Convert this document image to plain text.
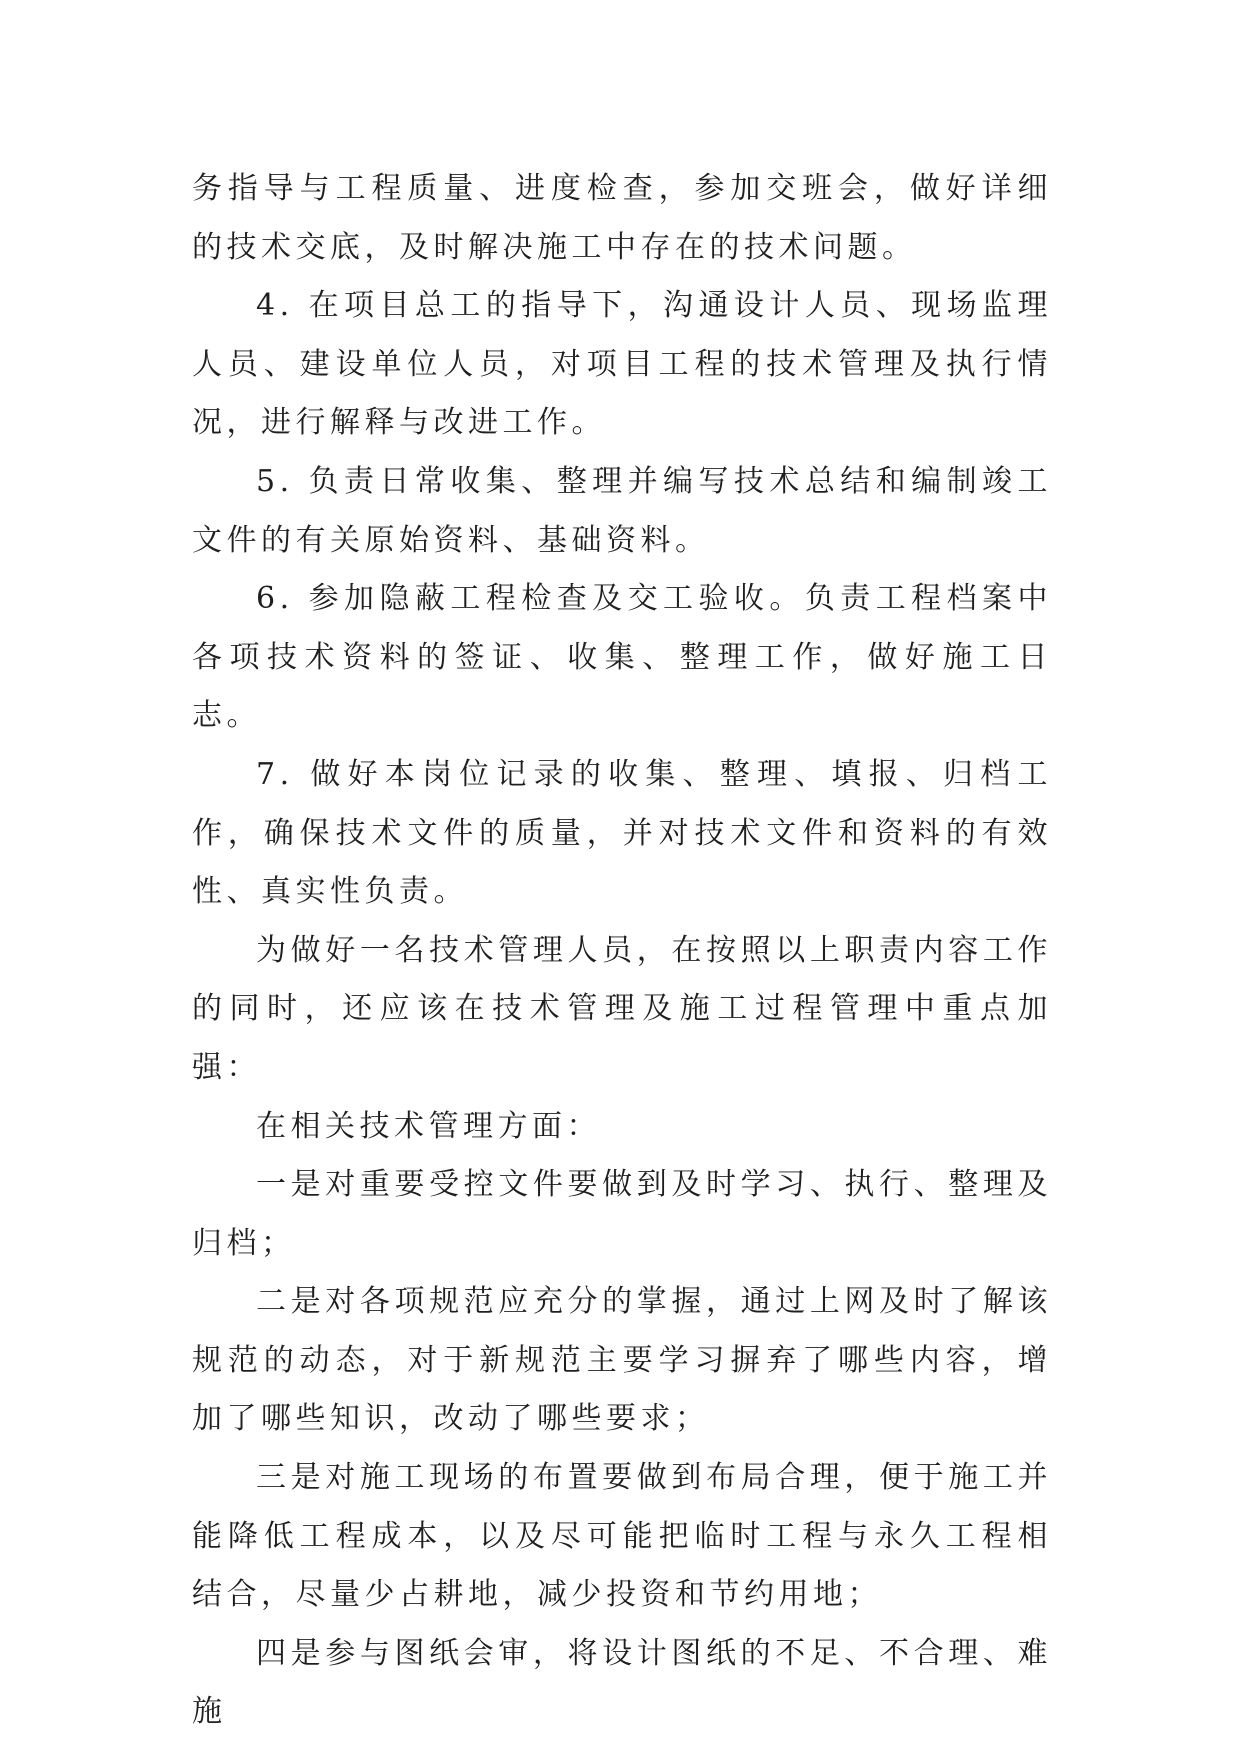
务指导与工程质量、进度检查，参加交班会，做好详细的技术交底，及时解决施工中存在的技术问题。

4. 在项目总工的指导下，沟通设计人员、现场监理人员、建设单位人员，对项目工程的技术管理及执行情况，进行解释与改进工作。

5. 负责日常收集、整理并编写技术总结和编制竣工文件的有关原始资料、基础资料。

6. 参加隐蔽工程检查及交工验收。负责工程档案中各项技术资料的签证、收集、整理工作，做好施工日志。

7. 做好本岗位记录的收集、整理、填报、归档工作，确保技术文件的质量，并对技术文件和资料的有效性、真实性负责。

为做好一名技术管理人员，在按照以上职责内容工作的同时，还应该在技术管理及施工过程管理中重点加强：

在相关技术管理方面：

一是对重要受控文件要做到及时学习、执行、整理及归档；

二是对各项规范应充分的掌握，通过上网及时了解该规范的动态，对于新规范主要学习摒弃了哪些内容，增加了哪些知识，改动了哪些要求；

三是对施工现场的布置要做到布局合理，便于施工并能降低工程成本，以及尽可能把临时工程与永久工程相结合，尽量少占耕地，减少投资和节约用地；

四是参与图纸会审，将设计图纸的不足、不合理、难施
